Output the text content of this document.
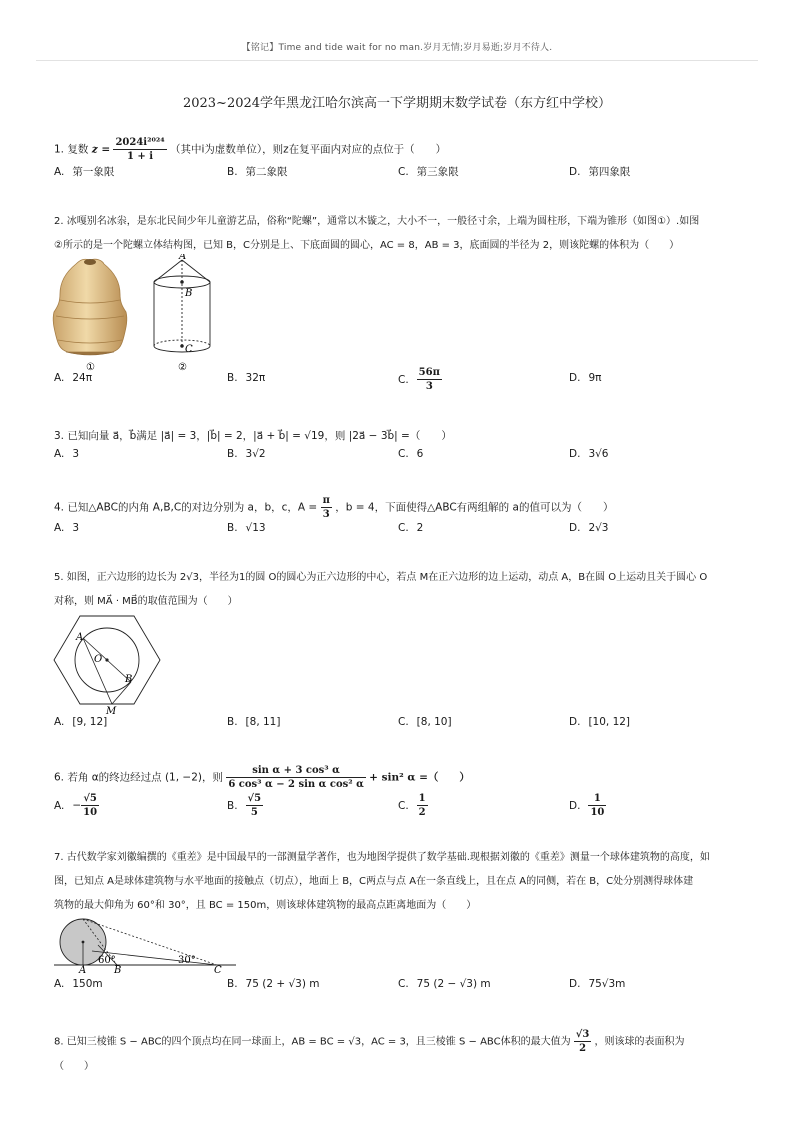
【铭记】Time and tide wait for no man.岁月无情;岁月易逝;岁月不待人.
2023~2024学年黑龙江哈尔滨高一下学期期末数学试卷（东方红中学校）
1. 复数 $z = \frac{\text{2024i²⁰²⁴}}{1 + i}$ （其中i为虚数单位），则z在复平面内对应的点位于（　　）
A. 第一象限	B. 第二象限	C. 第三象限	D. 第四象限
2. 冰嘎别名冰尜，是东北民间少年儿童游艺品，俗称“陀螺”，通常以木镟之，大小不一，一般径寸余，上端为圆柱形，下端为锥形（如图①）.如图
②所示的是一个陀螺立体结构图，已知 B，C分别是上、下底面圆的圆心，AC = 8，AB = 3，底面圆的半径为 2，则该陀螺的体积为（　　）
①
A
B
C
②
A. 24π	B. 32π	C. $\frac{56\pi}{3}$	D. 9π
3. 已知向量 a⃗，b⃗满足 |a⃗| = 3，|b⃗| = 2，|a⃗ + b⃗| = √19，则 |2a⃗ − 3b⃗| =（　　）
A. 3	B. 3√2	C. 6	D. 3√6
4. 已知△ABC的内角 A,B,C的对边分别为 a，b，c，$A = \frac{\pi}{3}$ ，b = 4，下面使得△ABC有两组解的 a的值可以为（　　）
A. 3	B. √13	C. 2	D. 2√3
5. 如图，正六边形的边长为 2√3，半径为1的圆 O的圆心为正六边形的中心，若点 M在正六边形的边上运动，动点 A，B在圆 O上运动且关于圆心 O
对称，则 MA⃗ · MB⃗的取值范围为（　　）
A
O
B
M
A. [9, 12]	B. [8, 11]	C. [8, 10]	D. [10, 12]
6. 若角 α的终边经过点 (1, −2)，则 $\frac{\text{sin α + 3 cos³ α}}{\text{6 cos³ α − 2 sin α cos² α}} + \sin^2$ α =（　　）
A. − $\frac{√5}{10}$	B. $\frac{√5}{5}$	C. $\frac{1}{2}$	D. $\frac{1}{10}$
7. 古代数学家刘徽编撰的《重差》是中国最早的一部测量学著作，也为地图学提供了数学基础.现根据刘徽的《重差》测量一个球体建筑物的高度，如
图，已知点 A是球体建筑物与水平地面的接触点（切点），地面上 B，C两点与点 A在一条直线上，且在点 A的同侧，若在 B，C处分别测得球体建
筑物的最大仰角为 60°和 30°，且 BC = 150m，则该球体建筑物的最高点距离地面为（　　）
A	B	C
60°	30°
A. 150m	B. 75 (2 + √3) m	C. 75 (2 − √3) m	D. 75√3m
8. 已知三棱锥 S − ABC的四个顶点均在同一球面上，AB = BC = √3，AC = 3，且三棱锥 S − ABC体积的最大值为 $\frac{√3}{2}$ ，则该球的表面积为
（　　）
